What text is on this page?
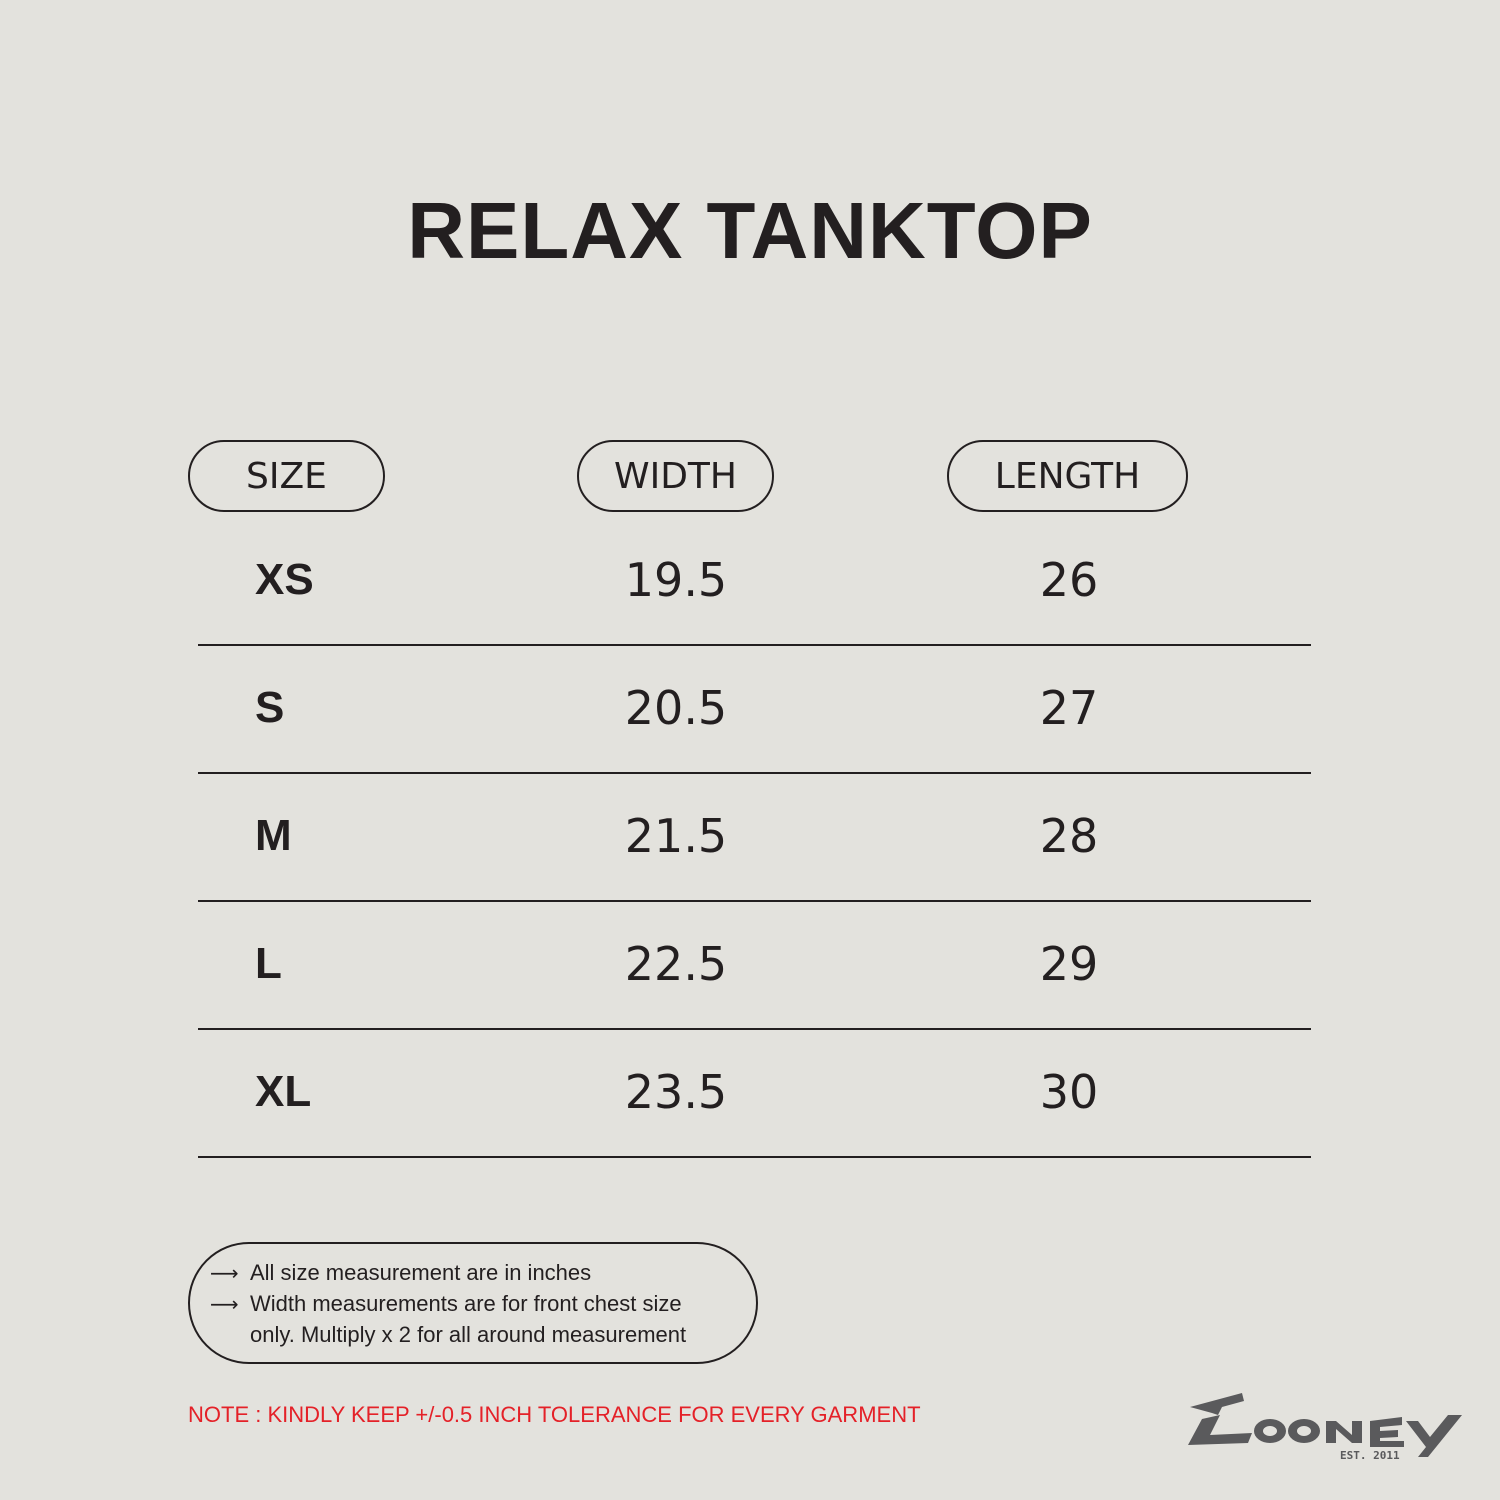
RELAX TANKTOP
SIZE	WIDTH	LENGTH
XS	19.5	26
S	20.5	27
M	21.5	28
L	22.5	29
XL	23.5	30
⟶ All size measurement are in inches
⟶ Width measurements are for front chest size
only. Multiply x 2 for all around measurement
NOTE : KINDLY KEEP +/-0.5 INCH TOLERANCE FOR EVERY GARMENT
EST. 2011
